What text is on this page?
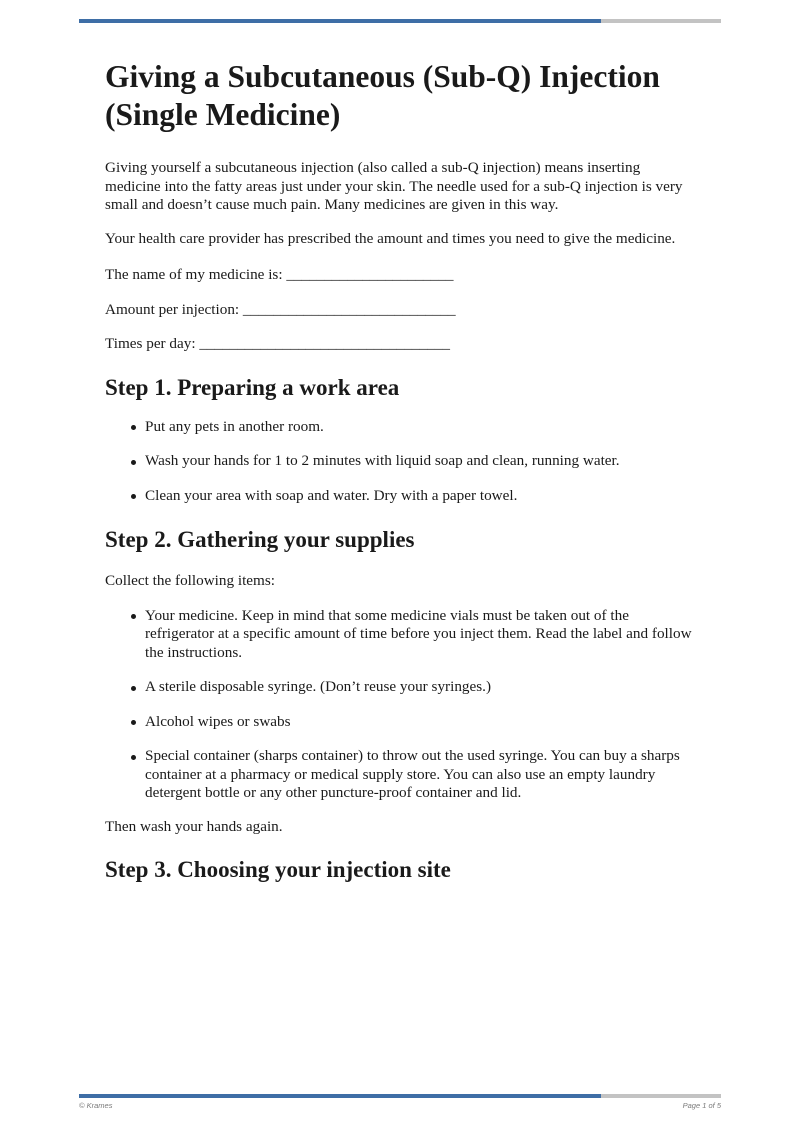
Giving a Subcutaneous (Sub-Q) Injection (Single Medicine)

Giving yourself a subcutaneous injection (also called a sub-Q injection) means inserting medicine into the fatty areas just under your skin. The needle used for a sub-Q injection is very small and doesn’t cause much pain. Many medicines are given in this way.

Your health care provider has prescribed the amount and times you need to give the medicine.

The name of my medicine is: ______________________

Amount per injection: ____________________________

Times per day: _________________________________

Step 1. Preparing a work area
Put any pets in another room.
Wash your hands for 1 to 2 minutes with liquid soap and clean, running water.
Clean your area with soap and water. Dry with a paper towel.
Step 2. Gathering your supplies

Collect the following items:

Your medicine. Keep in mind that some medicine vials must be taken out of the refrigerator at a specific amount of time before you inject them. Read the label and follow the instructions.
A sterile disposable syringe. (Don’t reuse your syringes.)
Alcohol wipes or swabs
Special container (sharps container) to throw out the used syringe. You can buy a sharps container at a pharmacy or medical supply store. You can also use an empty laundry detergent bottle or any other puncture-proof container and lid.

Then wash your hands again.

Step 3. Choosing your injection site
© Krames	Page 1 of 5
